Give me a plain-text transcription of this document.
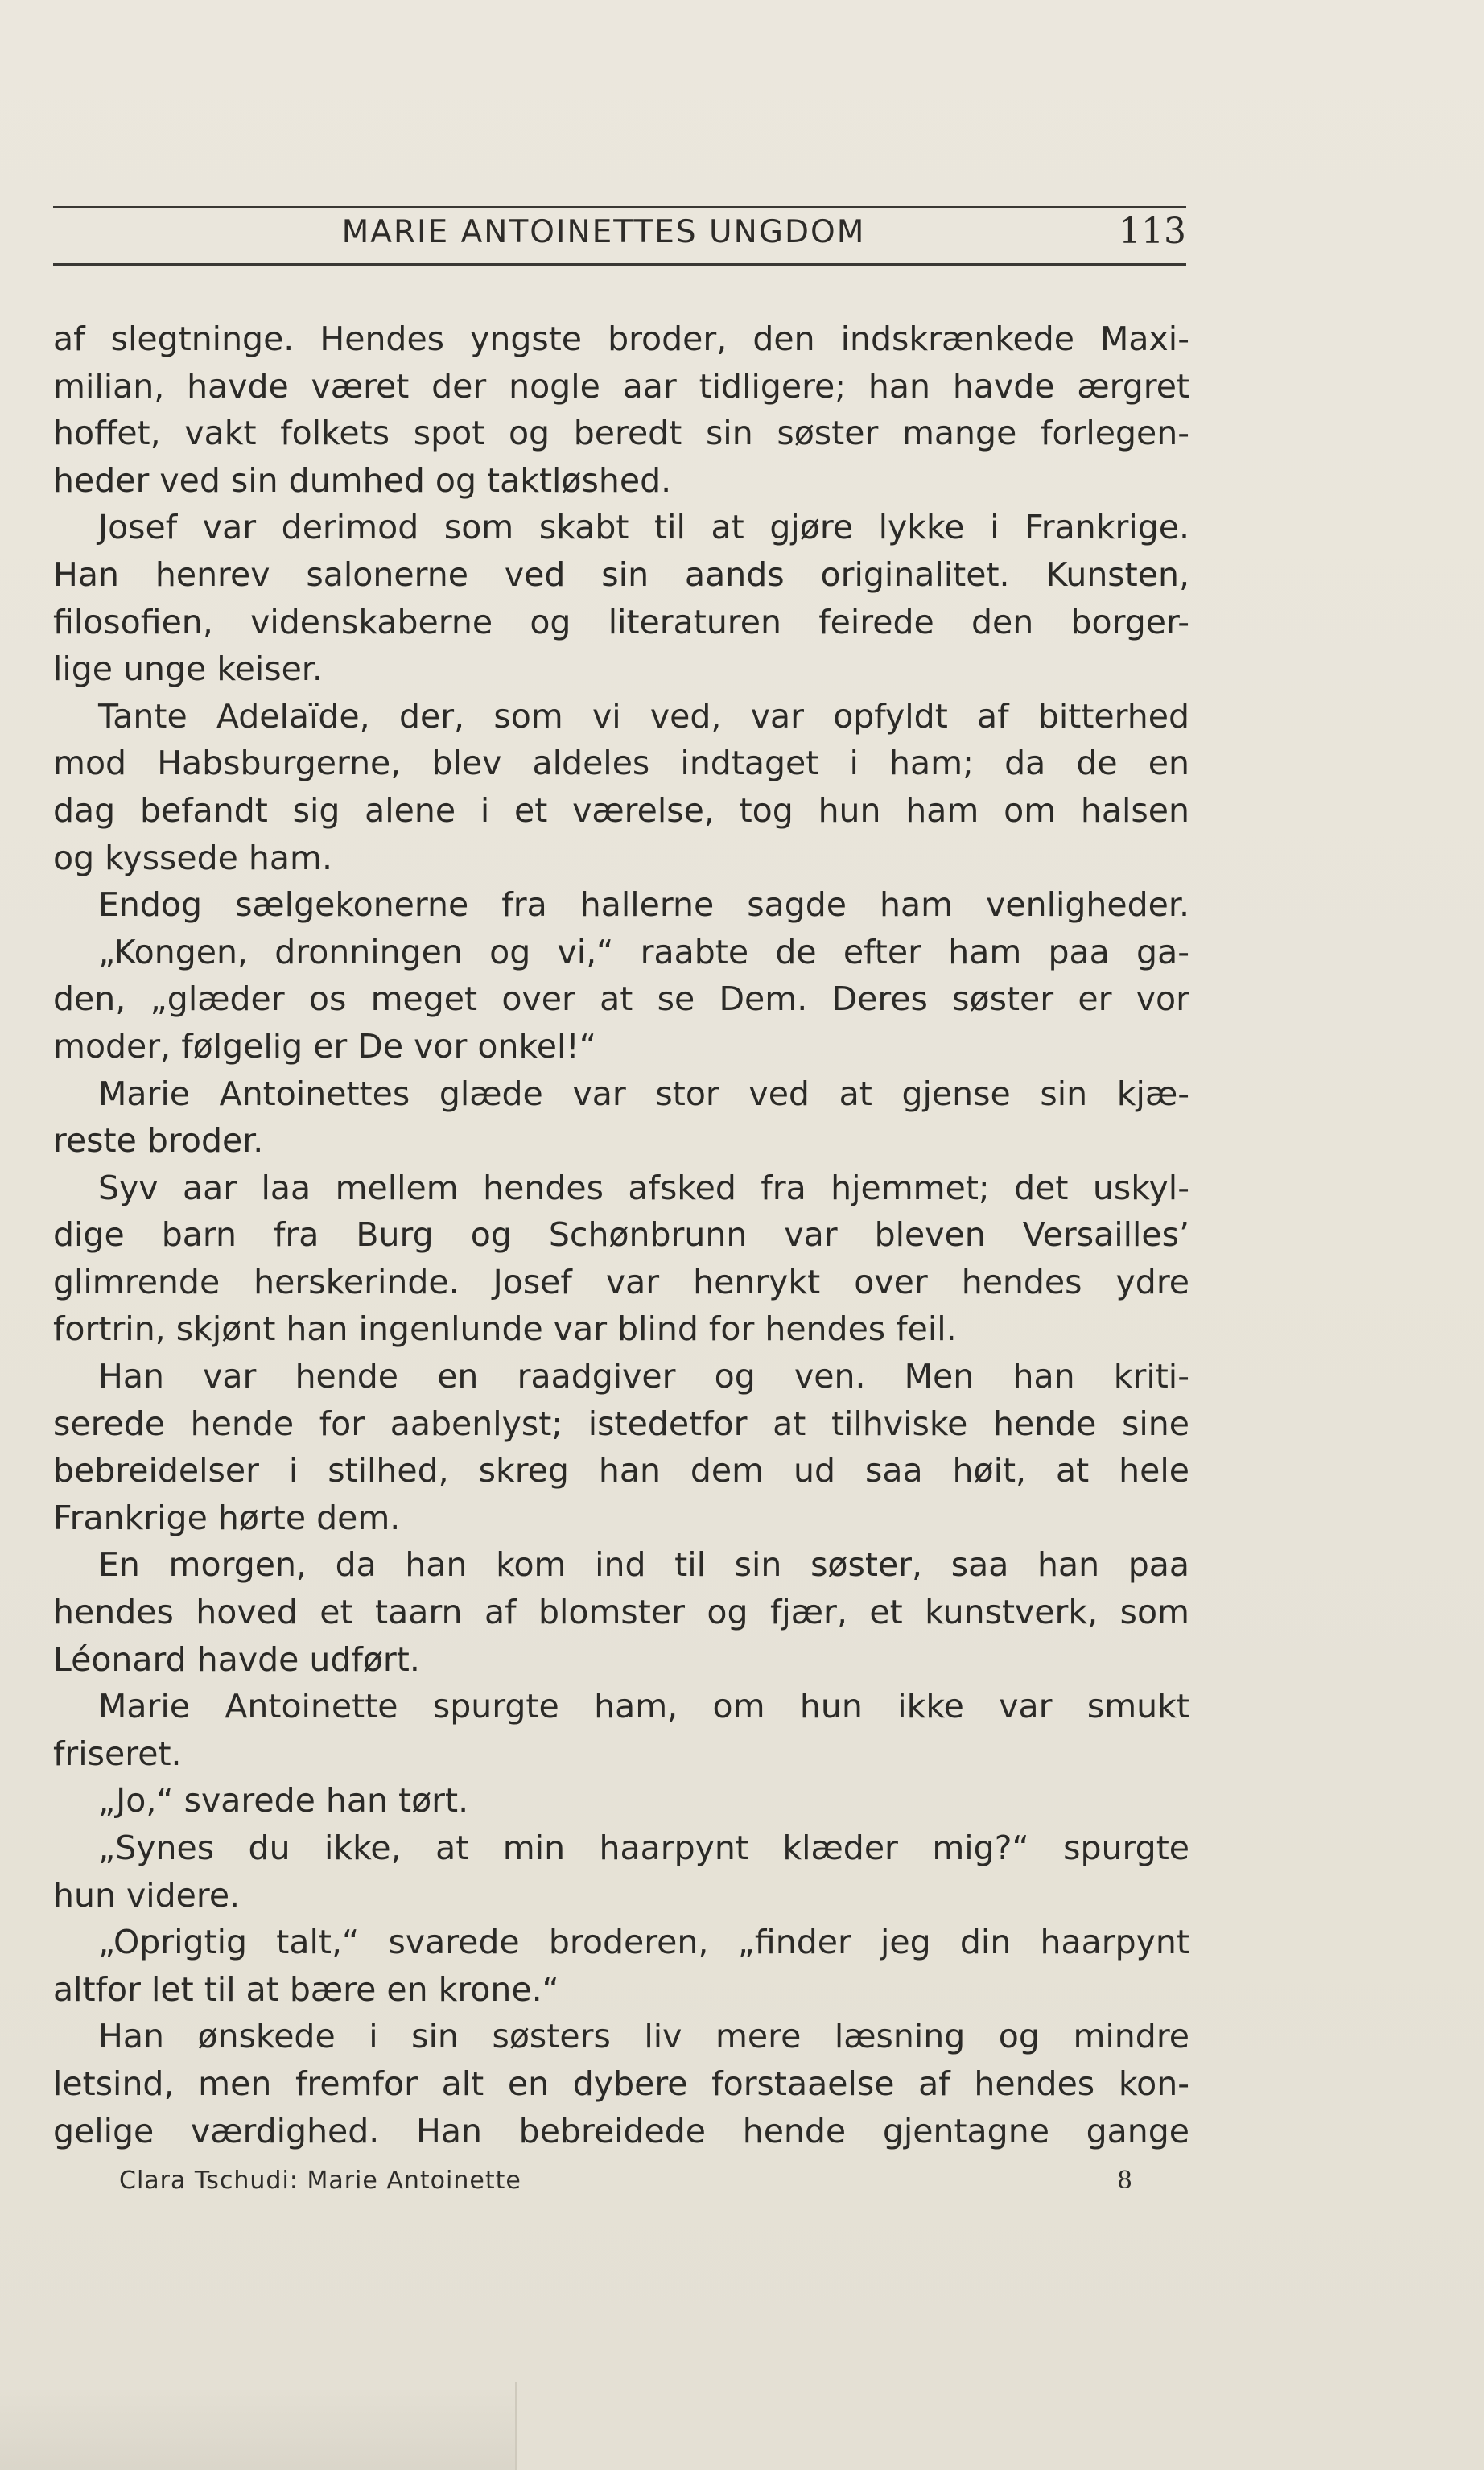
MARIE ANTOINETTES UNGDOM	113
af slegtninge. Hendes yngste broder, den indskrænkede Maxi-
milian, havde været der nogle aar tidligere; han havde ærgret
hoffet, vakt folkets spot og beredt sin søster mange forlegen-
heder ved sin dumhed og taktløshed.
Josef var derimod som skabt til at gjøre lykke i Frankrige.
Han henrev salonerne ved sin aands originalitet. Kunsten,
filosofien, videnskaberne og literaturen feirede den borger-
lige unge keiser.
Tante Adelaïde, der, som vi ved, var opfyldt af bitterhed
mod Habsburgerne, blev aldeles indtaget i ham; da de en
dag befandt sig alene i et værelse, tog hun ham om halsen
og kyssede ham.
Endog sælgekonerne fra hallerne sagde ham venligheder.
„Kongen, dronningen og vi,“ raabte de efter ham paa ga-
den, „glæder os meget over at se Dem. Deres søster er vor
moder, følgelig er De vor onkel!“
Marie Antoinettes glæde var stor ved at gjense sin kjæ-
reste broder.
Syv aar laa mellem hendes afsked fra hjemmet; det uskyl-
dige barn fra Burg og Schønbrunn var bleven Versailles’
glimrende herskerinde. Josef var henrykt over hendes ydre
fortrin, skjønt han ingenlunde var blind for hendes feil.
Han var hende en raadgiver og ven. Men han kriti-
serede hende for aabenlyst; istedetfor at tilhviske hende sine
bebreidelser i stilhed, skreg han dem ud saa høit, at hele
Frankrige hørte dem.
En morgen, da han kom ind til sin søster, saa han paa
hendes hoved et taarn af blomster og fjær, et kunstverk, som
Léonard havde udført.
Marie Antoinette spurgte ham, om hun ikke var smukt
friseret.
„Jo,“ svarede han tørt.
„Synes du ikke, at min haarpynt klæder mig?“ spurgte
hun videre.
„Oprigtig talt,“ svarede broderen, „finder jeg din haarpynt
altfor let til at bære en krone.“
Han ønskede i sin søsters liv mere læsning og mindre
letsind, men fremfor alt en dybere forstaaelse af hendes kon-
gelige værdighed. Han bebreidede hende gjentagne gange
Clara Tschudi: Marie Antoinette	8
